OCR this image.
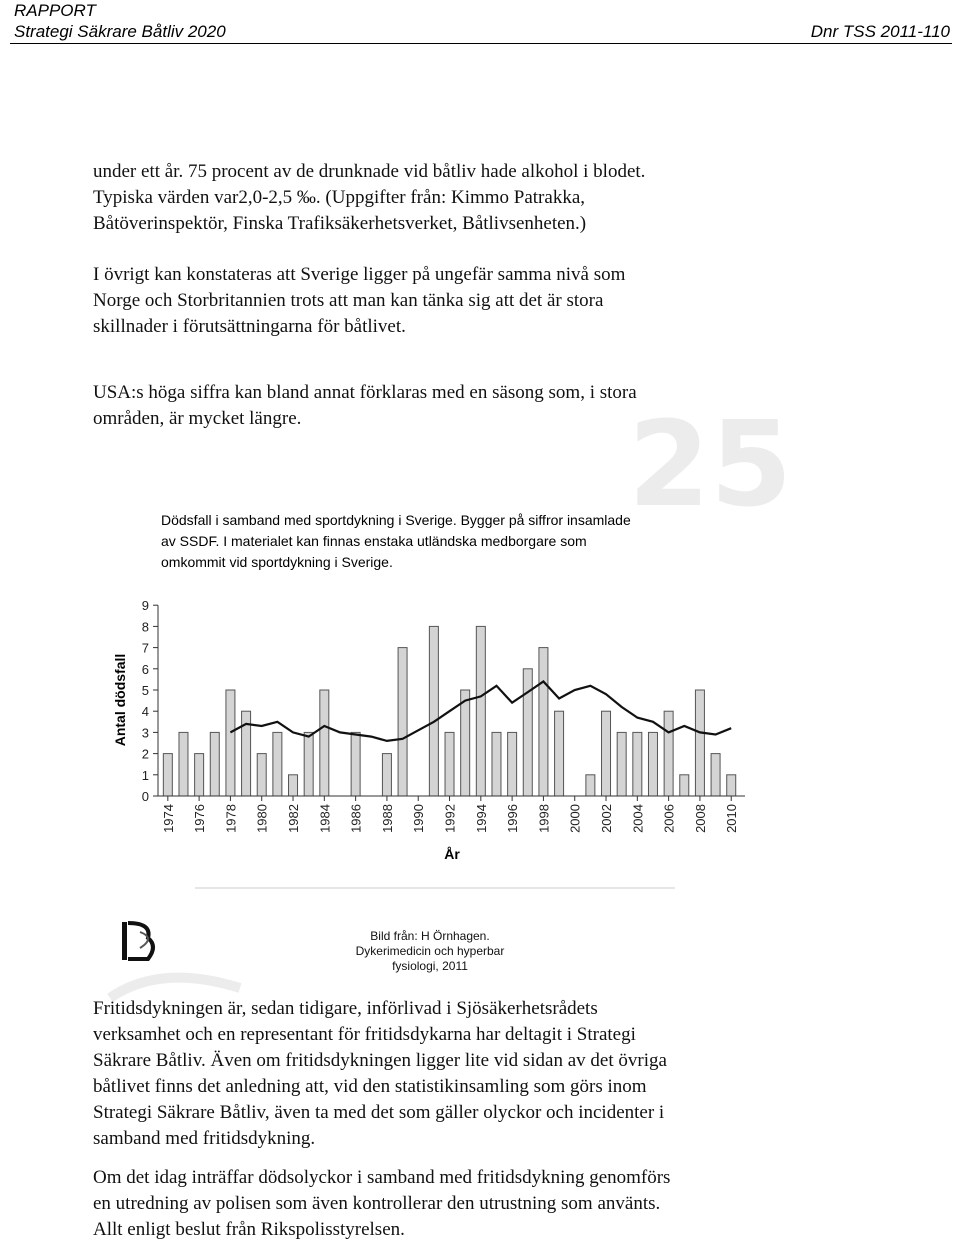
RAPPORT
Strategi Säkrare Båtliv 2020	Dnr TSS 2011-110
25

under ett år. 75 procent av de drunknade vid båtliv hade alkohol i blodet.
Typiska värden var2,0-2,5 ‰. (Uppgifter från: Kimmo Patrakka,
Båtöverinspektör, Finska Trafiksäkerhetsverket, Båtlivsenheten.)

I övrigt kan konstateras att Sverige ligger på ungefär samma nivå som
Norge och Storbritannien trots att man kan tänka sig att det är stora
skillnader i förutsättningarna för båtlivet.

USA:s höga siffra kan bland annat förklaras med en säsong som, i stora
områden, är mycket längre.

Dödsfall i samband med sportdykning i Sverige. Bygger på siffror insamlade
av SSDF. I materialet kan finnas enstaka utländska medborgare som
omkommit vid sportdykning i Sverige.
0
1
2
3
4
5
6
7
8
9
1974 1976 1978 1980 1982 1984 1986 1988 1990 1992 1994 1996 1998 2000 2002 2004 2006 2008 2010
Antal dödsfall
År
Bild från: H Örnhagen.
Dykerimedicin och hyperbar
fysiologi, 2011

Fritidsdykningen är, sedan tidigare, införlivad i Sjösäkerhetsrådets
verksamhet och en representant för fritidsdykarna har deltagit i Strategi
Säkrare Båtliv. Även om fritidsdykningen ligger lite vid sidan av det övriga
båtlivet finns det anledning att, vid den statistikinsamling som görs inom
Strategi Säkrare Båtliv, även ta med det som gäller olyckor och incidenter i
samband med fritidsdykning.

Om det idag inträffar dödsolyckor i samband med fritidsdykning genomförs
en utredning av polisen som även kontrollerar den utrustning som använts.
Allt enligt beslut från Rikspolisstyrelsen.
